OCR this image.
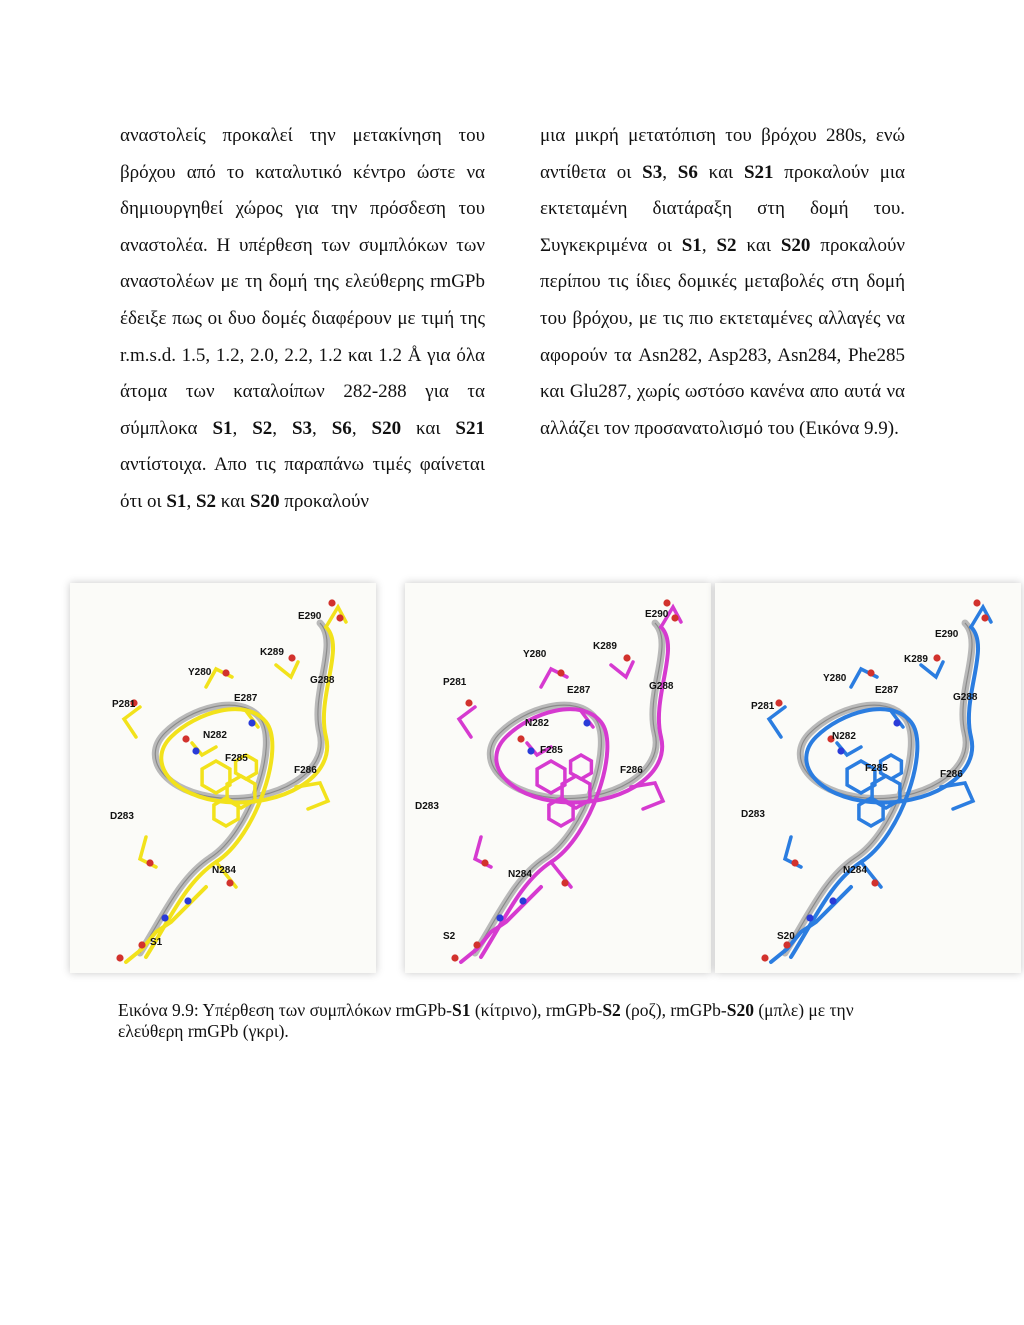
αναστολείς προκαλεί την μετακίνηση του βρόχου από το καταλυτικό κέντρο ώστε να δημιουργηθεί χώρος για την πρόσδεση του αναστολέα. Η υπέρθεση των συμπλόκων των αναστολέων με τη δομή της ελεύθερης rmGPb έδειξε πως οι δυο δομές διαφέρουν με τιμή της r.m.s.d. 1.5, 1.2, 2.0, 2.2, 1.2 και 1.2 Å για όλα άτομα των καταλοίπων 282-288 για τα σύμπλοκα S1, S2, S3, S6, S20 και S21 αντίστοιχα. Απο τις παραπάνω τιμές φαίνεται ότι οι S1, S2 και S20 προκαλούν
μια μικρή μετατόπιση του βρόχου 280s, ενώ αντίθετα οι S3, S6 και S21 προκαλούν μια εκτεταμένη διατάραξη στη δομή του. Συγκεκριμένα οι S1, S2 και S20 προκαλούν περίπου τις ίδιες δομικές μεταβολές στη δομή του βρόχου, με τις πιο εκτεταμένες αλλαγές να αφορούν τα Asn282, Asp283, Asn284, Phe285 και Glu287, χωρίς ωστόσο κανένα απο αυτά να αλλάζει τον προσανατολισμό του (Εικόνα 9.9).
E290
K289
Y280
G288
P281
E287
N282
F285
F286
D283
N284
S1
E290
K289
Y280
P281
E287	G288
N282
F285
F286
D283
N284
S2
E290
K289
Y280
E287
G288
P281
N282
F285
F286
D283
N284
S20
Εικόνα 9.9: Υπέρθεση των συμπλόκων rmGPb-S1 (κίτρινο), rmGPb-S2 (ροζ), rmGPb-S20 (μπλε) με την ελεύθερη rmGPb (γκρι).
